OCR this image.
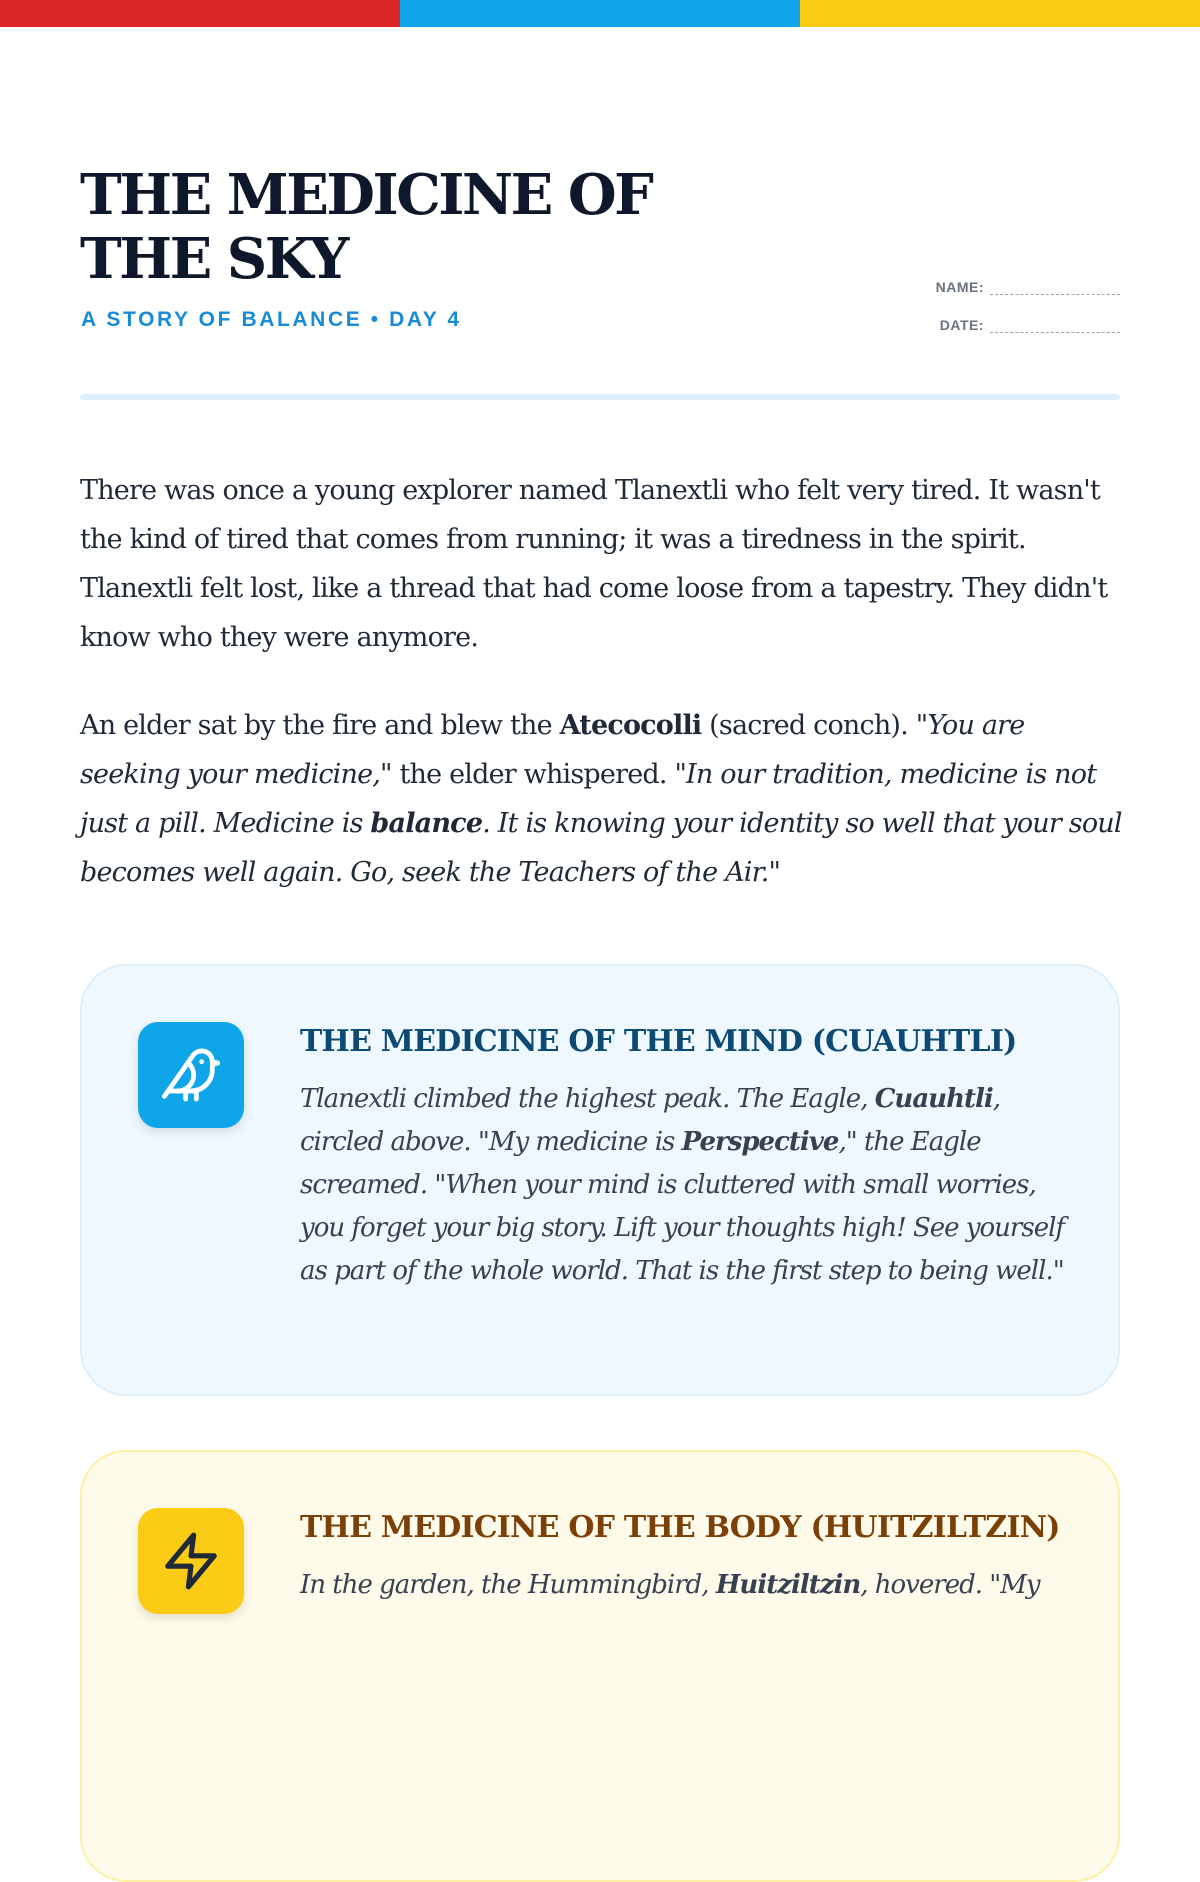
THE MEDICINE OF THE SKY
A STORY OF BALANCE • DAY 4
NAME:
DATE:

There was once a young explorer named Tlanextli who felt very tired. It wasn't the kind of tired that comes from running; it was a tiredness in the spirit. Tlanextli felt lost, like a thread that had come loose from a tapestry. They didn't know who they were anymore.

An elder sat by the fire and blew the Atecocolli (sacred conch). "You are seeking your medicine," the elder whispered. "In our tradition, medicine is not just a pill. Medicine is balance. It is knowing your identity so well that your soul becomes well again. Go, seek the Teachers of the Air."

THE MEDICINE OF THE MIND (CUAUHTLI)

Tlanextli climbed the highest peak. The Eagle, Cuauhtli, circled above. "My medicine is Perspective," the Eagle screamed. "When your mind is cluttered with small worries, you forget your big story. Lift your thoughts high! See yourself as part of the whole world. That is the first step to being well."

THE MEDICINE OF THE BODY (HUITZILTZIN)

In the garden, the Hummingbird, Huitziltzin, hovered. "My
